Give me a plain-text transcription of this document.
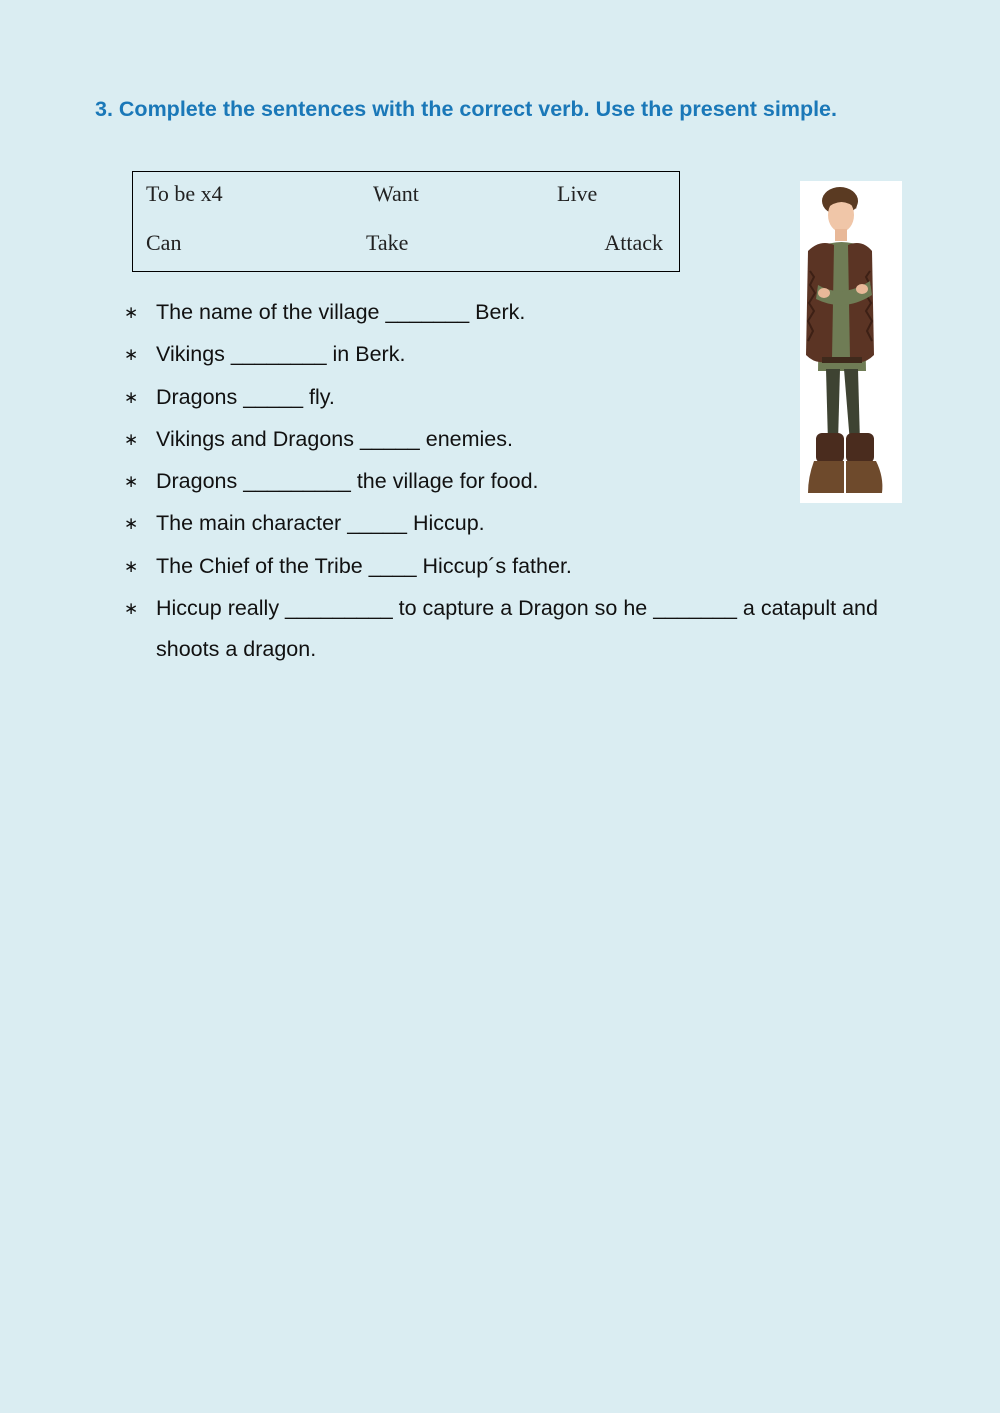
3. Complete the sentences with the correct verb. Use the present simple.
To be x4	Want	Live
Can	Take	Attack
∗ The name of the village _______ Berk.
∗ Vikings ________ in Berk.
∗ Dragons _____ fly.
∗ Vikings and Dragons _____ enemies.
∗ Dragons _________ the village for food.
∗ The main character _____ Hiccup.
∗ The Chief of the Tribe ____ Hiccup´s father.
∗ Hiccup really _________ to capture a Dragon so he _______ a catapult and shoots a dragon.
